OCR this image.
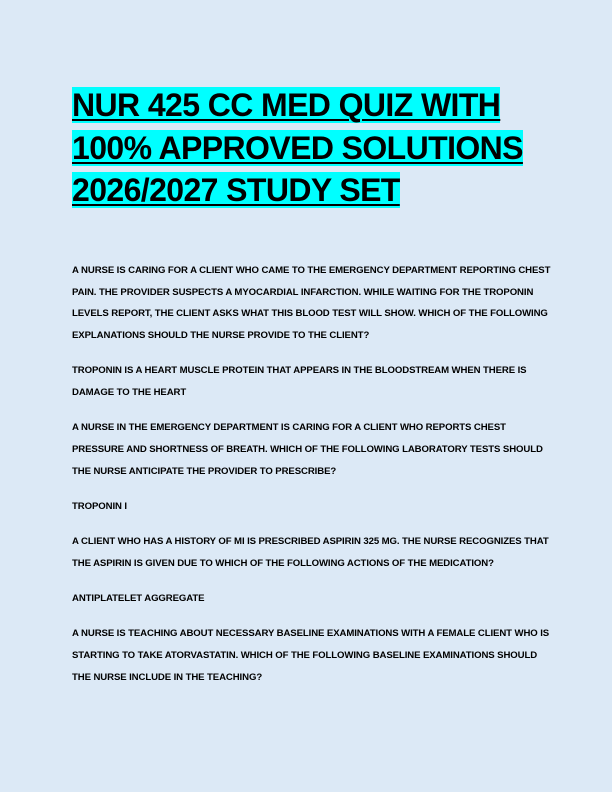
NUR 425 CC MED QUIZ WITH
100% APPROVED SOLUTIONS
2026/2027 STUDY SET

A NURSE IS CARING FOR A CLIENT WHO CAME TO THE EMERGENCY DEPARTMENT REPORTING CHEST PAIN. THE PROVIDER SUSPECTS A MYOCARDIAL INFARCTION. WHILE WAITING FOR THE TROPONIN LEVELS REPORT, THE CLIENT ASKS WHAT THIS BLOOD TEST WILL SHOW. WHICH OF THE FOLLOWING EXPLANATIONS SHOULD THE NURSE PROVIDE TO THE CLIENT?

TROPONIN IS A HEART MUSCLE PROTEIN THAT APPEARS IN THE BLOODSTREAM WHEN THERE IS DAMAGE TO THE HEART

A NURSE IN THE EMERGENCY DEPARTMENT IS CARING FOR A CLIENT WHO REPORTS CHEST PRESSURE AND SHORTNESS OF BREATH. WHICH OF THE FOLLOWING LABORATORY TESTS SHOULD THE NURSE ANTICIPATE THE PROVIDER TO PRESCRIBE?

TROPONIN I

A CLIENT WHO HAS A HISTORY OF MI IS PRESCRIBED ASPIRIN 325 MG. THE NURSE RECOGNIZES THAT THE ASPIRIN IS GIVEN DUE TO WHICH OF THE FOLLOWING ACTIONS OF THE MEDICATION?

ANTIPLATELET AGGREGATE

A NURSE IS TEACHING ABOUT NECESSARY BASELINE EXAMINATIONS WITH A FEMALE CLIENT WHO IS STARTING TO TAKE ATORVASTATIN. WHICH OF THE FOLLOWING BASELINE EXAMINATIONS SHOULD THE NURSE INCLUDE IN THE TEACHING?
